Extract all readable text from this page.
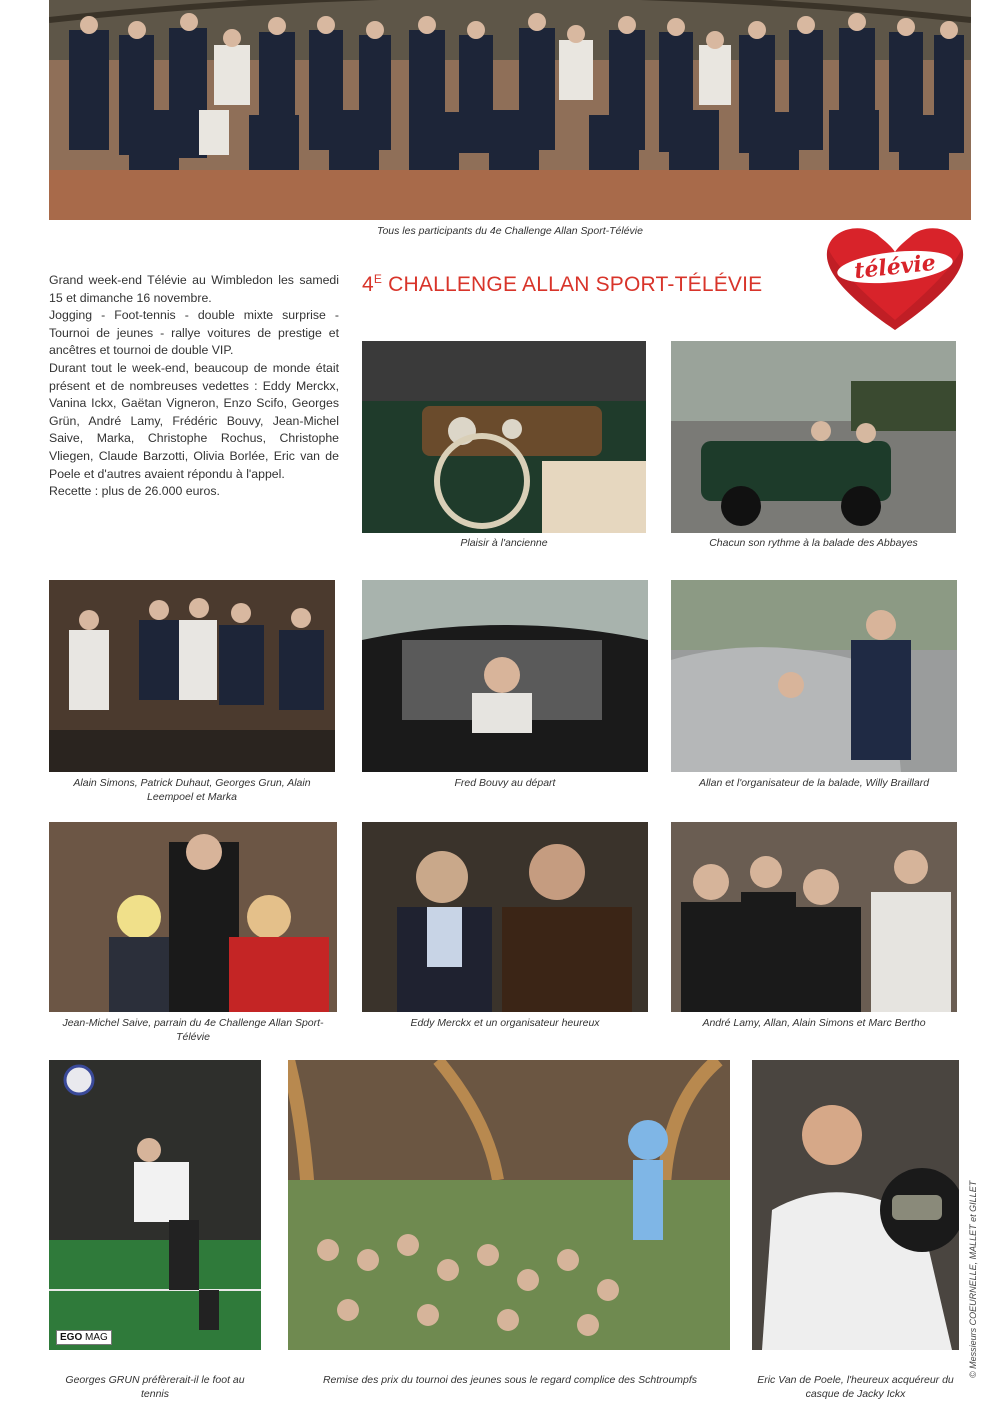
Tous les participants du 4e Challenge Allan Sport-Télévie

Grand week-end Télévie au Wimbledon les samedi 15 et dimanche 16 novembre.

Jogging - Foot-tennis - double mixte surprise - Tournoi de jeunes - rallye voitures de prestige et ancêtres et tournoi de double VIP.

Durant tout le week-end, beaucoup de monde était présent et de nombreuses vedettes : Eddy Merckx, Vanina Ickx, Gaëtan Vigneron, Enzo Scifo, Georges Grün, André Lamy, Frédéric Bouvy, Jean-Michel Saive, Marka, Christophe Rochus, Christophe Vliegen, Claude Barzotti, Olivia Borlée, Eric van de Poele et d'autres avaient répondu à l'appel.

Recette : plus de 26.000 euros.

$4^E$ CHALLENGE ALLAN SPORT-TÉLÉVIE
télévie
Plaisir à l'ancienne	Chacun son rythme à la balade des Abbayes
Alain Simons, Patrick Duhaut, Georges Grun, Alain Leempoel et Marka
Fred Bouvy au départ	Allan et l'organisateur de la balade, Willy Braillard
Jean-Michel Saive, parrain du 4e Challenge Allan Sport-Télévie
Eddy Merckx et un organisateur heureux	André Lamy, Allan, Alain Simons et Marc Bertho
EGO MAG
Georges GRUN préfèrerait-il le foot au tennis
Remise des prix du tournoi des jeunes sous le regard complice des Schtroumpfs	Eric Van de Poele, l'heureux acquéreur du casque de Jacky Ickx
© Messieurs COEURNELLE, MALLET et GILLET
